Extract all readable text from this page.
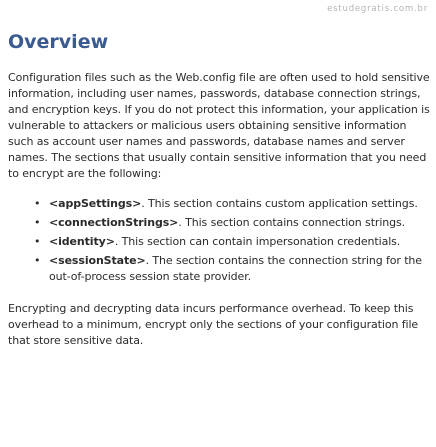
estudegratis.com.br
Overview

Configuration files such as the Web.config file are often used to hold sensitive information, including user names, passwords, database connection strings, and encryption keys. If you do not protect this information, your application is vulnerable to attackers or malicious users obtaining sensitive information such as account user names and passwords, database names and server names. The sections that usually contain sensitive information that you need to encrypt are the following:

• <appSettings>. This section contains custom application settings.
• <connectionStrings>. This section contains connection strings.
• <identity>. This section can contain impersonation credentials.
• <sessionState>. The section contains the connection string for the out-of-process session state provider.

Encrypting and decrypting data incurs performance overhead. To keep this overhead to a minimum, encrypt only the sections of your configuration file that store sensitive data.
